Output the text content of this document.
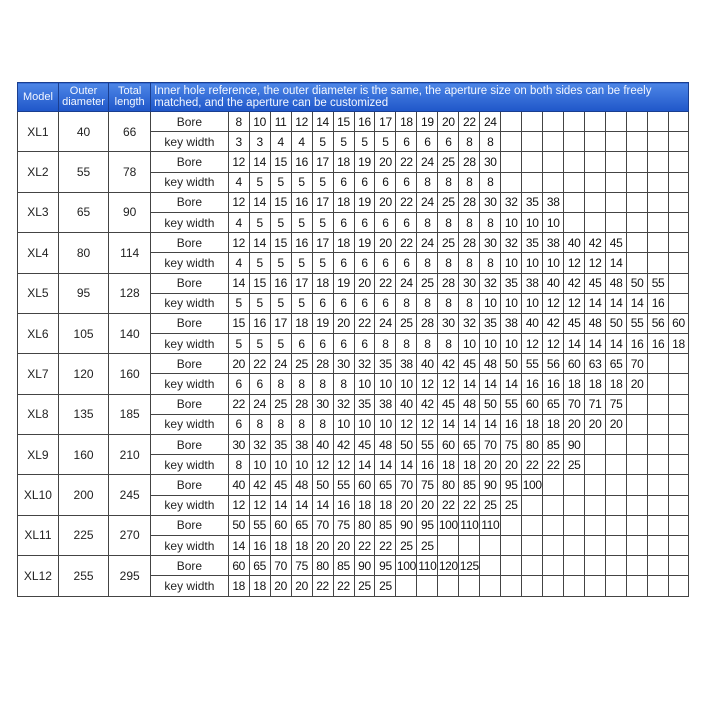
Model	Outer diameter	Total length	Inner hole reference, the outer diameter is the same, the aperture size on both sides can be freely matched, and the aperture can be customized																						
XL1	40	66	Bore	8	10	11	12	14	15	16	17	18	19	20	22	24									
			key width	3	3	4	4	5	5	5	5	6	6	6	8	8									
XL2	55	78	Bore	12	14	15	16	17	18	19	20	22	24	25	28	30									
			key width	4	5	5	5	5	6	6	6	6	8	8	8	8									
XL3	65	90	Bore	12	14	15	16	17	18	19	20	22	24	25	28	30	32	35	38						
			key width	4	5	5	5	5	6	6	6	6	8	8	8	8	10	10	10						
XL4	80	114	Bore	12	14	15	16	17	18	19	20	22	24	25	28	30	32	35	38	40	42	45			
			key width	4	5	5	5	5	6	6	6	6	8	8	8	8	10	10	10	12	12	14			
XL5	95	128	Bore	14	15	16	17	18	19	20	22	24	25	28	30	32	35	38	40	42	45	48	50	55	
			key width	5	5	5	5	6	6	6	6	8	8	8	8	10	10	10	12	12	14	14	14	16	
XL6	105	140	Bore	15	16	17	18	19	20	22	24	25	28	30	32	35	38	40	42	45	48	50	55	56	60
			key width	5	5	5	6	6	6	6	8	8	8	8	10	10	10	12	12	14	14	14	16	16	18
XL7	120	160	Bore	20	22	24	25	28	30	32	35	38	40	42	45	48	50	55	56	60	63	65	70		
			key width	6	6	8	8	8	8	10	10	10	12	12	14	14	14	16	16	18	18	18	20		
XL8	135	185	Bore	22	24	25	28	30	32	35	38	40	42	45	48	50	55	60	65	70	71	75			
			key width	6	8	8	8	8	10	10	10	12	12	14	14	14	16	18	18	20	20	20			
XL9	160	210	Bore	30	32	35	38	40	42	45	48	50	55	60	65	70	75	80	85	90					
			key width	8	10	10	10	12	12	14	14	14	16	18	18	20	20	22	22	25					
XL10	200	245	Bore	40	42	45	48	50	55	60	65	70	75	80	85	90	95	100							
			key width	12	12	14	14	14	16	18	18	20	20	22	22	25	25								
XL11	225	270	Bore	50	55	60	65	70	75	80	85	90	95	100	110	110									
			key width	14	16	18	18	20	20	22	22	25	25												
XL12	255	295	Bore	60	65	70	75	80	85	90	95	100	110	120	125										
			key width	18	18	20	20	22	22	25	25														
